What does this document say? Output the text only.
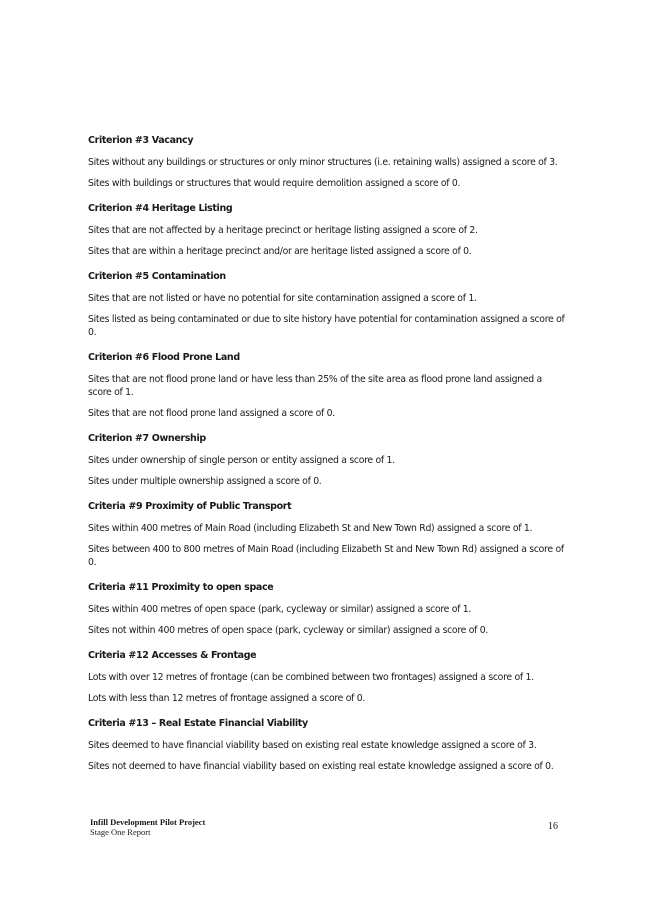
Criterion #3 Vacancy
Sites without any buildings or structures or only minor structures (i.e. retaining walls) assigned a score of 3.
Sites with buildings or structures that would require demolition assigned a score of 0.
Criterion #4 Heritage Listing
Sites that are not affected by a heritage precinct or heritage listing assigned a score of 2.
Sites that are within a heritage precinct and/or are heritage listed assigned a score of 0.
Criterion #5 Contamination
Sites that are not listed or have no potential for site contamination assigned a score of 1.
Sites listed as being contaminated or due to site history have potential for contamination assigned a score of 0.
Criterion #6 Flood Prone Land
Sites that are not flood prone land or have less than 25% of the site area as flood prone land assigned a score of 1.
Sites that are not flood prone land assigned a score of 0.
Criterion #7 Ownership
Sites under ownership of single person or entity assigned a score of 1.
Sites under multiple ownership assigned a score of 0.
Criteria #9 Proximity of Public Transport
Sites within 400 metres of Main Road (including Elizabeth St and New Town Rd) assigned a score of 1.
Sites between 400 to 800 metres of Main Road (including Elizabeth St and New Town Rd) assigned a score of 0.
Criteria #11 Proximity to open space
Sites within 400 metres of open space (park, cycleway or similar) assigned a score of 1.
Sites not within 400 metres of open space (park, cycleway or similar) assigned a score of 0.
Criteria #12 Accesses & Frontage
Lots with over 12 metres of frontage (can be combined between two frontages) assigned a score of 1.
Lots with less than 12 metres of frontage assigned a score of 0.
Criteria #13 – Real Estate Financial Viability
Sites deemed to have financial viability based on existing real estate knowledge assigned a score of 3.
Sites not deemed to have financial viability based on existing real estate knowledge assigned a score of 0.
Infill Development Pilot Project
Stage One Report	16
